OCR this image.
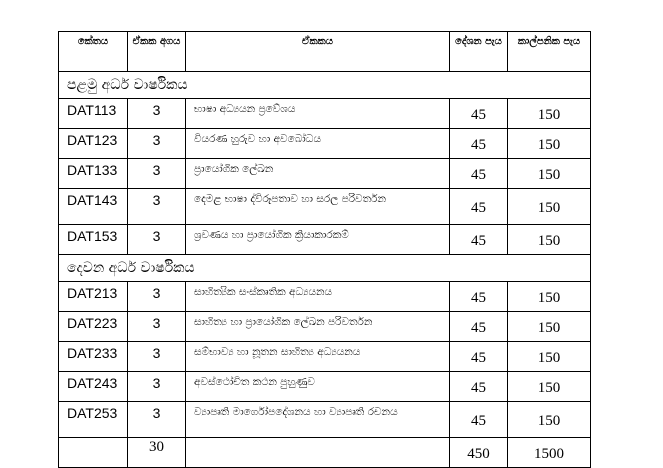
කේතය	ඒකක අගය	ඒකකය	දේශන පැය	කාල්පනික පැය
පළමු අර්ධ වාර්ෂිකය				
DAT113	3	භාෂා අධ්‍යයන ප්‍රවේශය	45	150
DAT123	3	වියරණ හුරුව හා අවබෝධය	45	150
DAT133	3	ප්‍රායෝගික ලේඛන	45	150
DAT143	3	දෙමළ භාෂා ද්විරූපතාව හා සරල පරිවර්තන	45	150
DAT153	3	ශ්‍රවණය හා ප්‍රායෝගික ක්‍රියාකාරකම්	45	150
දෙවන අර්ධ වාර්ෂිකය				
DAT213	3	සාහිත්‍යික සංස්කෘතික අධ්‍යයනය	45	150
DAT223	3	සාහිත්‍ය හා ප්‍රායෝගික ලේඛන පරිවර්තන	45	150
DAT233	3	සම්භාව්‍ය හා නූතන සාහිත්‍ය අධ්‍යයනය	45	150
DAT243	3	අවස්ථෝචිත කථන පුහුණුව	45	150
DAT253	3	ව්‍යාපෘති මාර්ගෝපදේශනය හා ව්‍යාපෘති රචනය	45	150
	30		450	1500
